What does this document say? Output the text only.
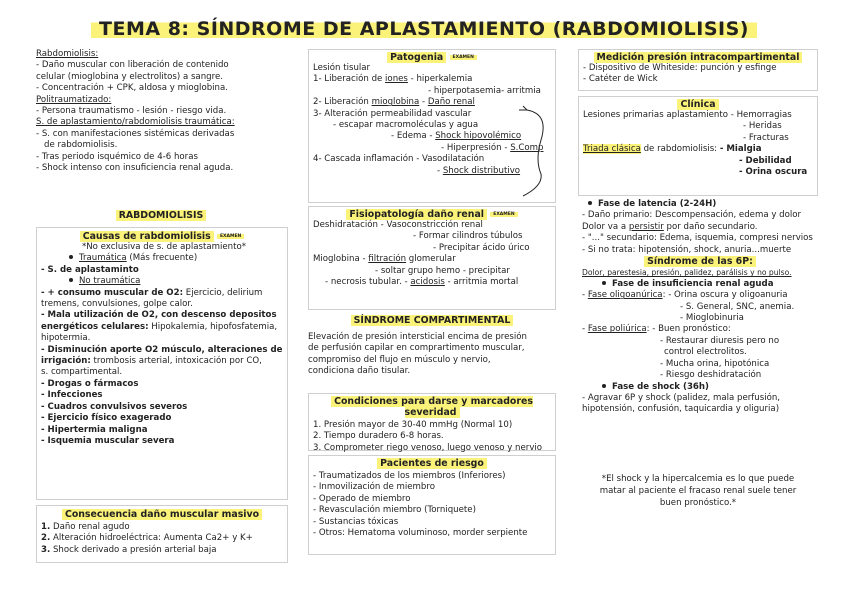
TEMA 8: SÍNDROME DE APLASTAMIENTO (RABDOMIOLISIS)
Rabdomiolisis:
- Daño muscular con liberación de contenido
celular (mioglobina y electrolitos) a sangre.
- Concentración + CPK, aldosa y mioglobina.
Politraumatizado:
- Persona traumatismo - lesión - riesgo vida.
S. de aplastamiento/rabdomiolisis traumática:
- S. con manifestaciones sistémicas derivadas
de rabdomiolisis.
- Tras periodo isquémico de 4-6 horas
- Shock intenso con insuficiencia renal aguda.
RABDOMIOLISIS
Causas de rabdomiolisis EXAMEN
*No exclusiva de s. de aplastamiento*
Traumática (Más frecuente)
- S. de aplastaminto
No traumática
- + consumo muscular de O2: Ejercicio, delirium
tremens, convulsiones, golpe calor.
- Mala utilización de O2, con descenso depositos
energéticos celulares: Hipokalemia, hipofosfatemia,
hipotermia.
- Disminución aporte O2 músculo, alteraciones de
irrigación: trombosis arterial, intoxicación por CO,
s. compartimental.
- Drogas o fármacos
- Infecciones
- Cuadros convulsivos severos
- Ejercicio físico exagerado
- Hipertermia maligna
- Isquemia muscular severa
Consecuencia daño muscular masivo
1. Daño renal agudo
2. Alteración hidroeléctrica: Aumenta Ca2+ y K+
3. Shock derivado a presión arterial baja
Patogenia EXAMEN
Lesión tisular
1- Liberación de iones - hiperkalemia
- hiperpotasemia- arritmia
2- Liberación mioglobina - Daño renal
3- Alteración permeabilidad vascular
- escapar macromoléculas y agua
- Edema - Shock hipovolémico
- Hiperpresión - S.Comp
4- Cascada inflamación - Vasodilatación
- Shock distributivo
Fisiopatología daño renal EXAMEN
Deshidratación - Vasoconstricción renal
- Formar cilindros túbulos
- Precipitar ácido úrico
Mioglobina - filtración glomerular
- soltar grupo hemo - precipitar
- necrosis tubular. - acidosis - arritmia mortal
SÍNDROME COMPARTIMENTAL
Elevación de presión intersticial encima de presión
de perfusión capilar en comprartimento muscular,
compromiso del flujo en músculo y nervio,
condiciona daño tisular.
Condiciones para darse y marcadores severidad
1. Presión mayor de 30-40 mmHg (Normal 10)
2. Tiempo duradero 6-8 horas.
3. Comprometer riego venoso, luego venoso y nervio
Pacientes de riesgo
- Traumatizados de los miembros (Inferiores)
- Inmovilización de miembro
- Operado de miembro
- Revasculación miembro (Torniquete)
- Sustancias tóxicas
- Otros: Hematoma voluminoso, morder serpiente
Medición presión intracompartimental
- Dispositivo de Whiteside: punción y esfinge
- Catéter de Wick
Clínica
Lesiones primarias aplastamiento - Hemorragias
- Heridas
- Fracturas
Triada clásica de rabdomiolisis: - Mialgia
- Debilidad
- Orina oscura
Fase de latencia (2-24H)
- Daño primario: Descompensación, edema y dolor
Dolor va a persistir por daño secundario.
- "..." secundario: Edema, isquemia, compresi nervios
- Si no trata: hipotensión, shock, anuria...muerte
Síndrome de las 6P:
Dolor, parestesia, presión, palidez, parálisis y no pulso.
Fase de insuficiencia renal aguda
- Fase oligoanúrica: - Orina oscura y oligoanuria
- S. General, SNC, anemia.
- Mioglobinuria
- Fase poliúrica: - Buen pronóstico:
- Restaurar diuresis pero no
control electrolitos.
- Mucha orina, hipotónica
- Riesgo deshidratación
Fase de shock (36h)
- Agravar 6P y shock (palidez, mala perfusión,
hipotensión, confusión, taquicardia y oliguria)
*El shock y la hipercalcemia es lo que puede
matar al paciente el fracaso renal suele tener
buen pronóstico.*
